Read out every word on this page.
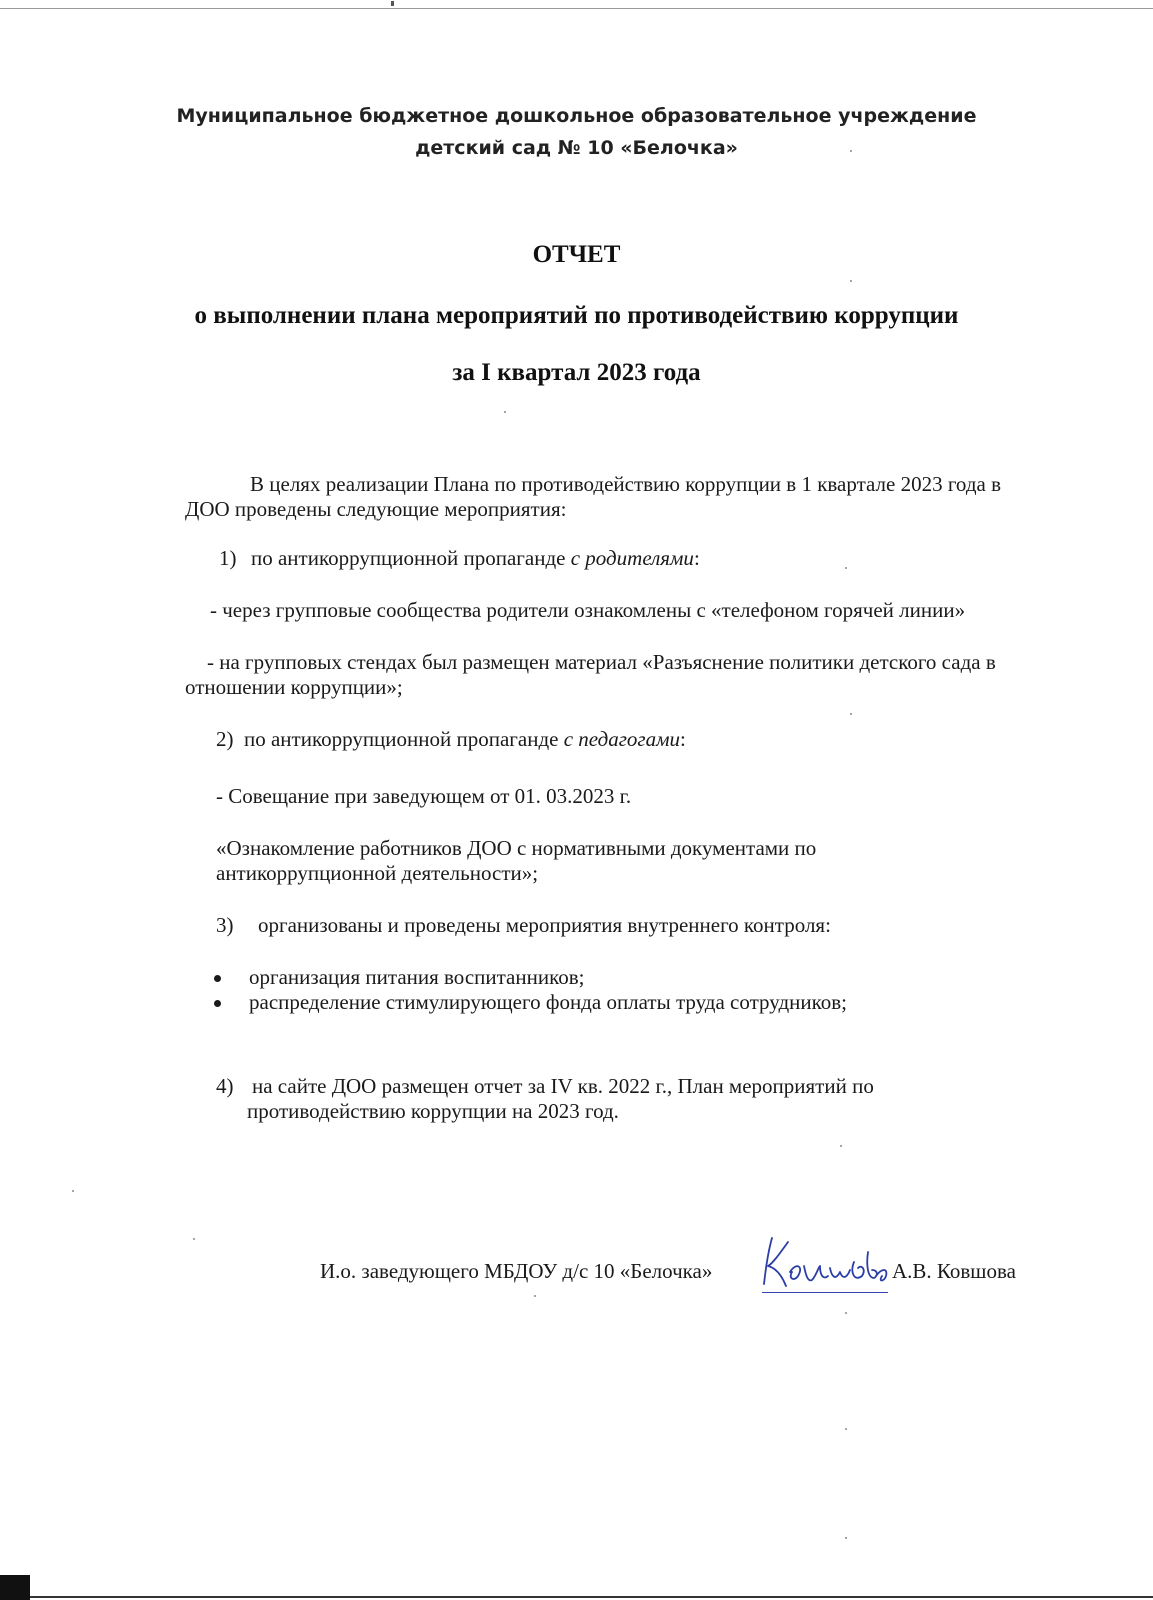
Муниципальное бюджетное дошкольное образовательное учреждение
детский сад № 10 «Белочка»
ОТЧЕТ
о выполнении плана мероприятий по противодействию коррупции
за I квартал 2023 года
В целях реализации Плана по противодействию коррупции в 1 квартале 2023 года в
ДОО проведены следующие мероприятия:
1) по антикоррупционной пропаганде с родителями:
- через групповые сообщества родители ознакомлены с «телефоном горячей линии»
- на групповых стендах был размещен материал «Разъяснение политики детского сада в
отношении коррупции»;
2) по антикоррупционной пропаганде с педагогами:
- Совещание при заведующем от 01. 03.2023 г.
«Ознакомление работников ДОО с нормативными документами по
антикоррупционной деятельности»;
3) организованы и проведены мероприятия внутреннего контроля:
организация питания воспитанников;
распределение стимулирующего фонда оплаты труда сотрудников;
4) на сайте ДОО размещен отчет за IV кв. 2022 г., План мероприятий по
противодействию коррупции на 2023 год.
И.о. заведующего МБДОУ д/с 10 «Белочка»	А.В. Ковшова
